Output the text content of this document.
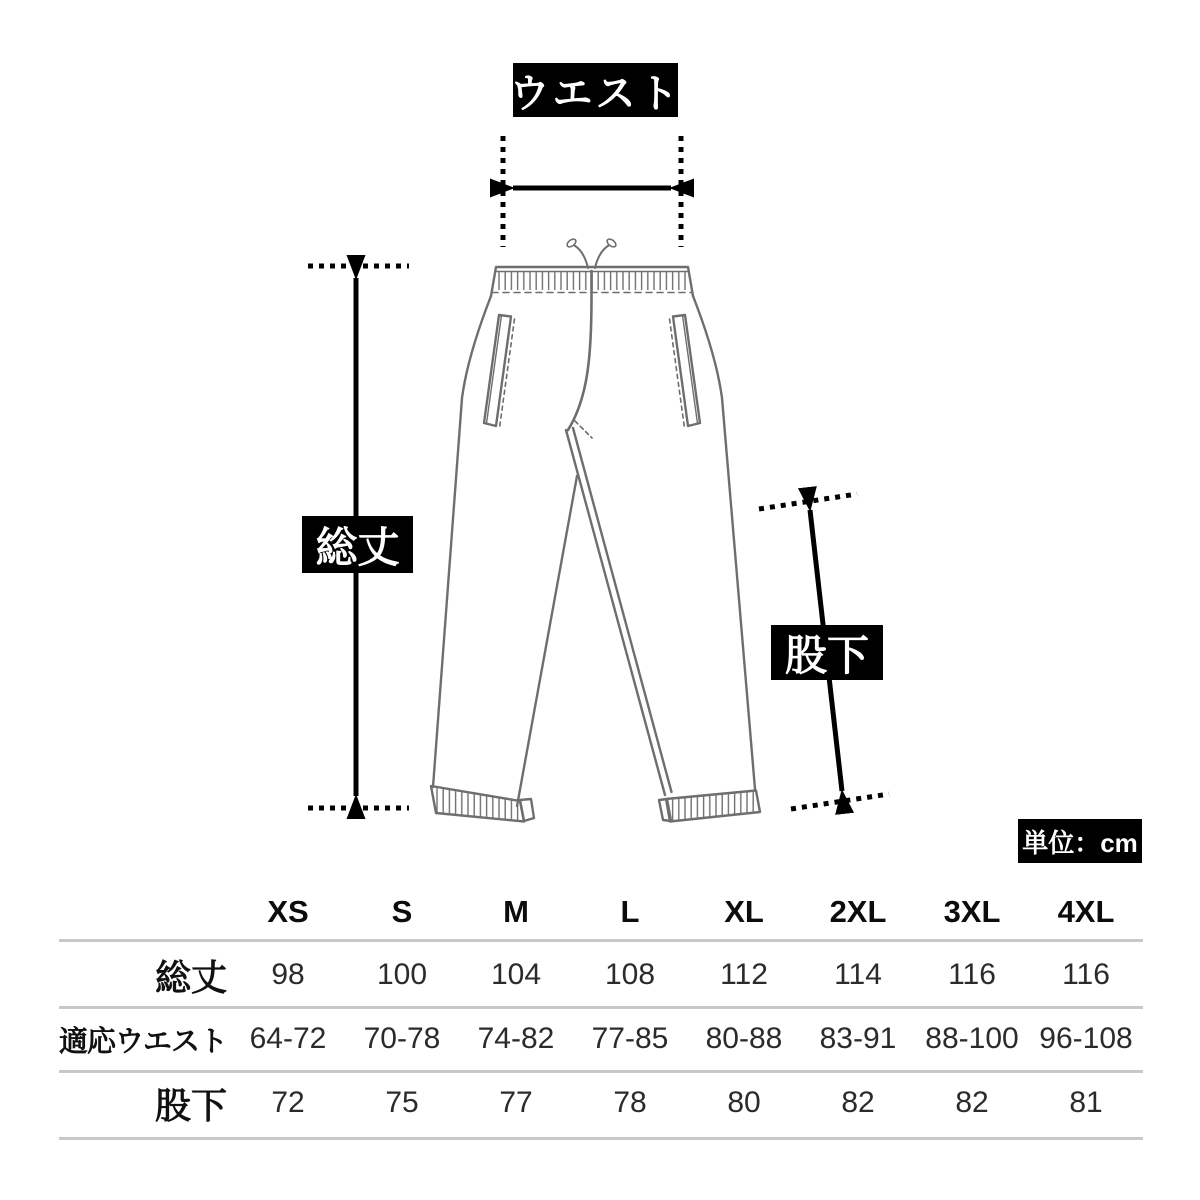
ウエスト
総丈
股下
単位：cm
XS	S	M	L	XL	2XL	3XL	4XL
総丈	98	100	104	108	112	114	116	116
適応ウエスト 64-72	70-78	74-82	77-85	80-88	83-91 88-100 96-108
股下	72	75	77	78	80	82	82	81
